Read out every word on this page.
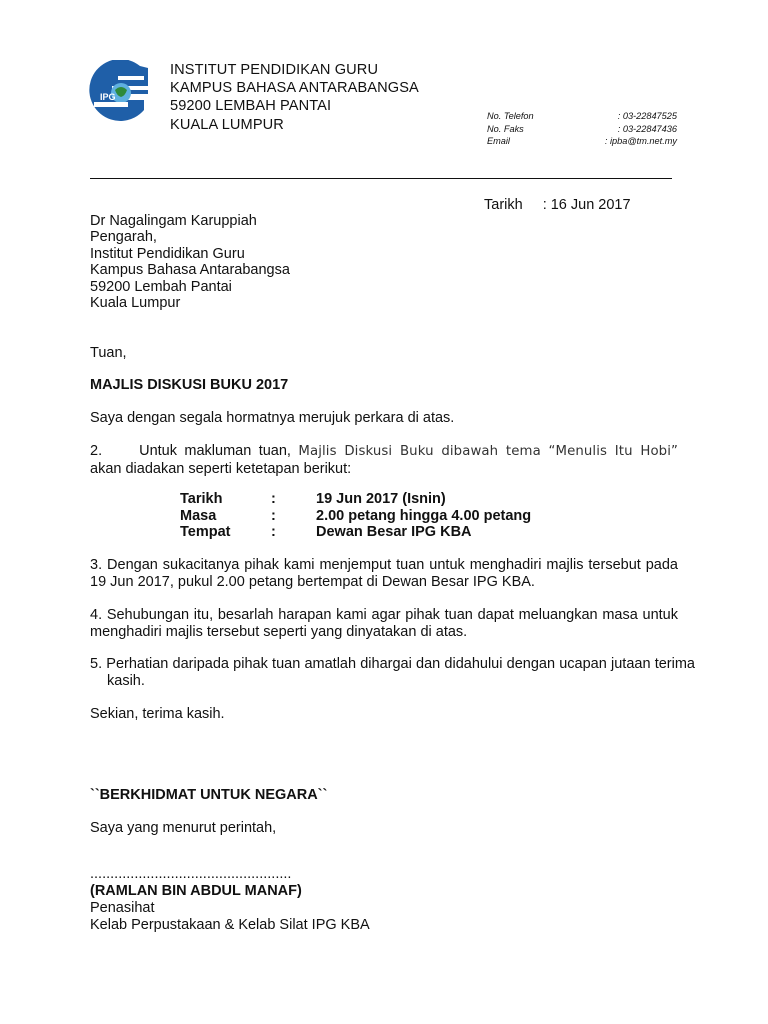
IPG
INSTITUT PENDIDIKAN GURU
KAMPUS BAHASA ANTARABANGSA
59200 LEMBAH PANTAI
KUALA LUMPUR
No. Telefon	: 03-22847525
No. Faks	: 03-22847436
Email	: ipba@tm.net.my
Tarikh : 16 Jun 2017
Dr Nagalingam Karuppiah
Pengarah,
Institut Pendidikan Guru
Kampus Bahasa Antarabangsa
59200 Lembah Pantai
Kuala Lumpur
Tuan,
MAJLIS DISKUSI BUKU 2017
Saya dengan segala hormatnya merujuk perkara di atas.
2.	Untuk makluman tuan, Majlis Diskusi Buku dibawah tema “Menulis Itu Hobi” akan diadakan seperti ketetapan berikut:
Tarikh	:	19 Jun 2017 (Isnin)
Masa	:	2.00 petang hingga 4.00 petang
Tempat	:	Dewan Besar IPG KBA
3. Dengan sukacitanya pihak kami menjemput tuan untuk menghadiri majlis tersebut pada 19 Jun 2017, pukul 2.00 petang bertempat di Dewan Besar IPG KBA.
4. Sehubungan itu, besarlah harapan kami agar pihak tuan dapat meluangkan masa untuk menghadiri majlis tersebut seperti yang dinyatakan di atas.
5. Perhatian daripada pihak tuan amatlah dihargai dan didahului dengan ucapan jutaan terima kasih.
Sekian, terima kasih.
``BERKHIDMAT UNTUK NEGARA``
Saya yang menurut perintah,
..................................................
(RAMLAN BIN ABDUL MANAF)
Penasihat
Kelab Perpustakaan & Kelab Silat IPG KBA
